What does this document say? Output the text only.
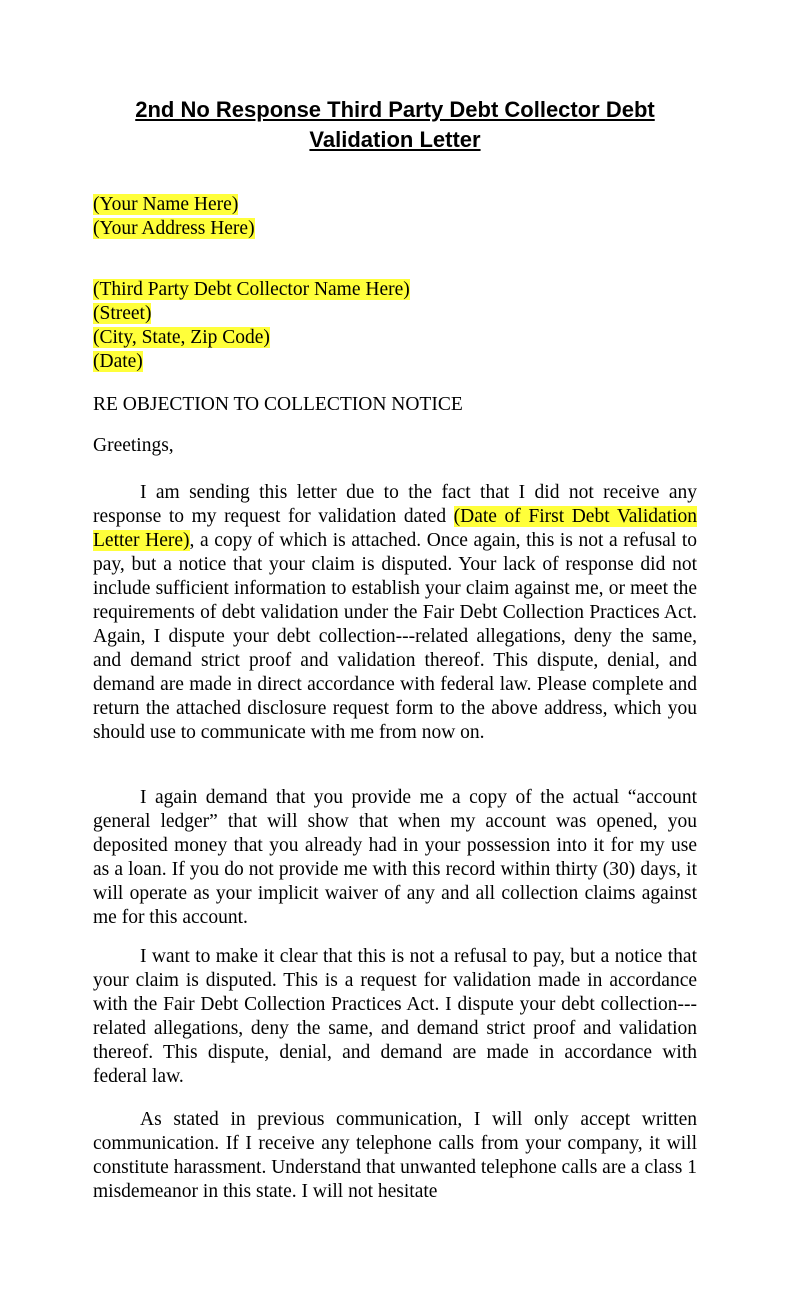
2nd No Response Third Party Debt Collector Debt
Validation Letter

(Your Name Here)

(Your Address Here)

(Third Party Debt Collector Name Here)

(Street)

(City, State, Zip Code)

(Date)

RE OBJECTION TO COLLECTION NOTICE
Greetings,

I am sending this letter due to the fact that I did not receive any response to my request for validation dated (Date of First Debt Validation Letter Here), a copy of which is attached. Once again, this is not a refusal to pay, but a notice that your claim is disputed. Your lack of response did not include sufficient information to establish your claim against me, or meet the requirements of debt validation under the Fair Debt Collection Practices Act. Again, I dispute your debt collection---related allegations, deny the same, and demand strict proof and validation thereof. This dispute, denial, and demand are made in direct accordance with federal law. Please complete and return the attached disclosure request form to the above address, which you should use to communicate with me from now on.

I again demand that you provide me a copy of the actual “account general ledger” that will show that when my account was opened, you deposited money that you already had in your possession into it for my use as a loan. If you do not provide me with this record within thirty (30) days, it will operate as your implicit waiver of any and all collection claims against me for this account.

I want to make it clear that this is not a refusal to pay, but a notice that your claim is disputed. This is a request for validation made in accordance with the Fair Debt Collection Practices Act. I dispute your debt collection---related allegations, deny the same, and demand strict proof and validation thereof. This dispute, denial, and demand are made in accordance with federal law.

As stated in previous communication, I will only accept written communication. If I receive any telephone calls from your company, it will constitute harassment. Understand that unwanted telephone calls are a class 1 misdemeanor in this state. I will not hesitate
